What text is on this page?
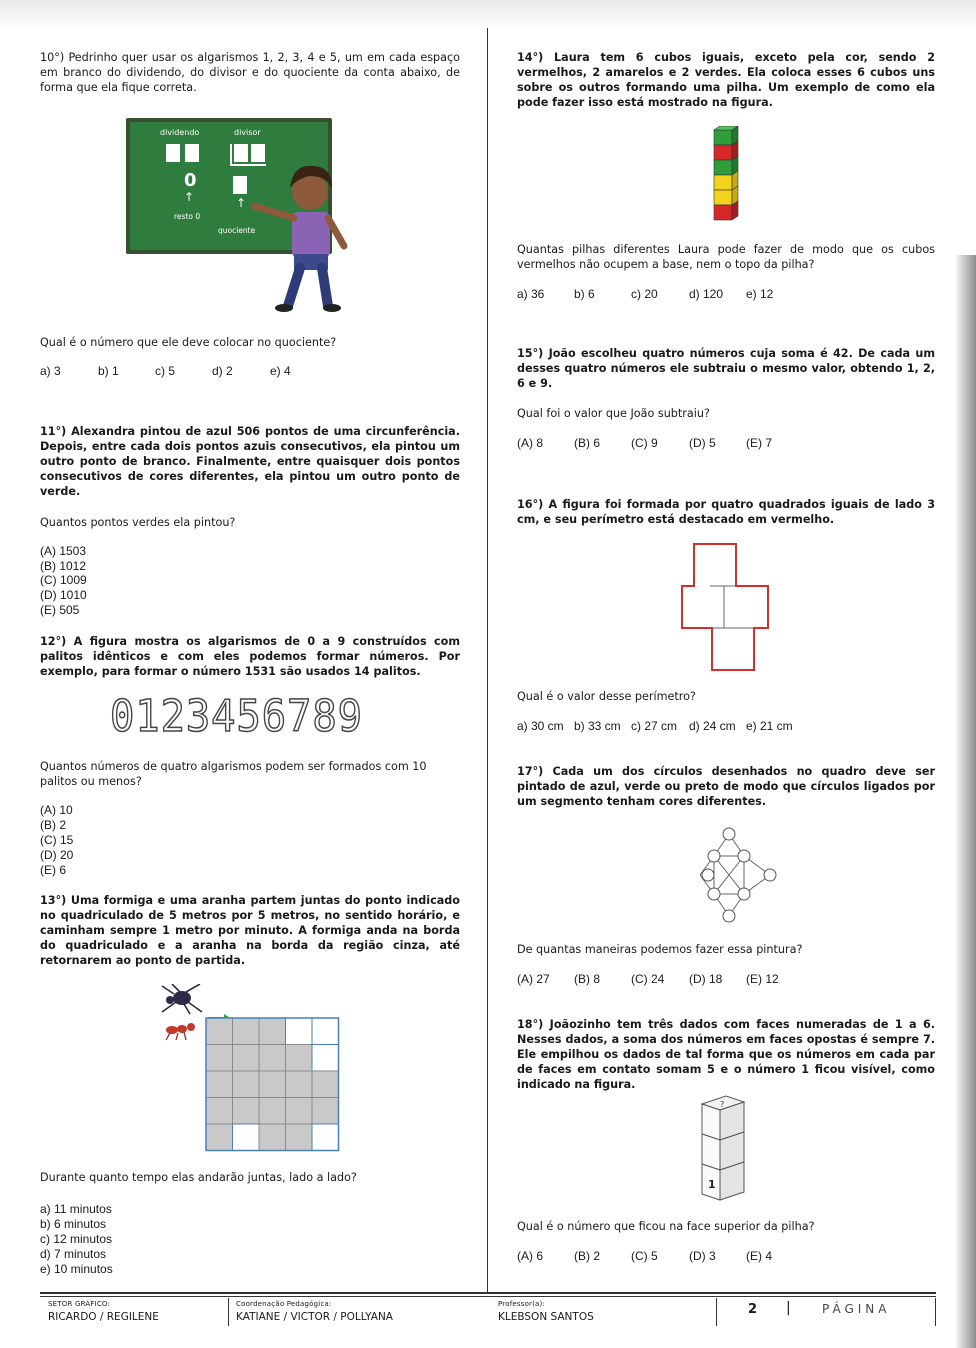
10°) Pedrinho quer usar os algarismos 1, 2, 3, 4 e 5, um em cada espaço em branco do dividendo, do divisor e do quociente da conta abaixo, de forma que ela fique correta.

dividendo	divisor
0
↑	↑
resto 0
quociente

Qual é o número que ele deve colocar no quociente?

a) 3	b) 1	c) 5	d) 2	e) 4

11°) Alexandra pintou de azul 506 pontos de uma circunferência. Depois, entre cada dois pontos azuis consecutivos, ela pintou um outro ponto de branco. Finalmente, entre quaisquer dois pontos consecutivos de cores diferentes, ela pintou um outro ponto de verde.

Quantos pontos verdes ela pintou?

(A) 1503
(B) 1012
(C) 1009
(D) 1010
(E) 505

12°) A figura mostra os algarismos de 0 a 9 construídos com palitos idênticos e com eles podemos formar números. Por exemplo, para formar o número 1531 são usados 14 palitos.

0123456789

Quantos números de quatro algarismos podem ser formados com 10 palitos ou menos?

(A) 10
(B) 2
(C) 15
(D) 20
(E) 6

13°) Uma formiga e uma aranha partem juntas do ponto indicado no quadriculado de 5 metros por 5 metros, no sentido horário, e caminham sempre 1 metro por minuto. A formiga anda na borda do quadriculado e a aranha na borda da região cinza, até retornarem ao ponto de partida.

Durante quanto tempo elas andarão juntas, lado a lado?

a) 11 minutos
b) 6 minutos
c) 12 minutos
d) 7 minutos
e) 10 minutos

14°) Laura tem 6 cubos iguais, exceto pela cor, sendo 2 vermelhos, 2 amarelos e 2 verdes. Ela coloca esses 6 cubos uns sobre os outros formando uma pilha. Um exemplo de como ela pode fazer isso está mostrado na figura.

Quantas pilhas diferentes Laura pode fazer de modo que os cubos vermelhos não ocupem a base, nem o topo da pilha?

a) 36 b) 6	c) 20	d) 120 e) 12

15°) João escolheu quatro números cuja soma é 42. De cada um desses quatro números ele subtraiu o mesmo valor, obtendo 1, 2, 6 e 9.

Qual foi o valor que João subtraiu?

(A) 8	(B) 6	(C) 9	(D) 5	(E) 7

16°) A figura foi formada por quatro quadrados iguais de lado 3 cm, e seu perímetro está destacado em vermelho.

Qual é o valor desse perímetro?

a) 30 cm b) 33 cm c) 27 cm d) 24 cm e) 21 cm

17°) Cada um dos círculos desenhados no quadro deve ser pintado de azul, verde ou preto de modo que círculos ligados por um segmento tenham cores diferentes.

De quantas maneiras podemos fazer essa pintura?

(A) 27 (B) 8	(C) 24 (D) 18 (E) 12

18°) Joãozinho tem três dados com faces numeradas de 1 a 6. Nesses dados, a soma dos números em faces opostas é sempre 7. Ele empilhou os dados de tal forma que os números em cada par de faces em contato somam 5 e o número 1 ficou visível, como indicado na figura.

?
1

Qual é o número que ficou na face superior da pilha?

(A) 6	(B) 2	(C) 5	(D) 3	(E) 4
SETOR GRÁFICO:
RICARDO / REGILENE
Coordenação Pedagógica:
KATIANE / VICTOR / POLLYANA
Professor(a):
KLEBSON SANTOS	2 |	PÁGINA
